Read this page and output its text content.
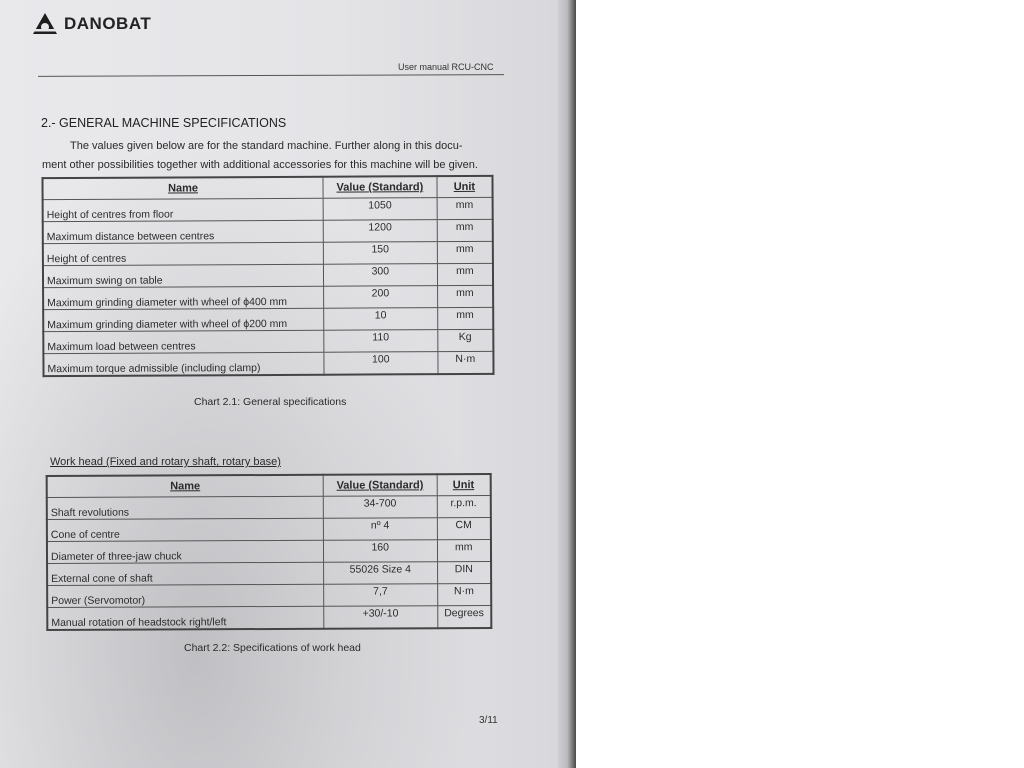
DANOBAT
User manual RCU-CNC
2.- GENERAL MACHINE SPECIFICATIONS
The values given below are for the standard machine. Further along in this docu-
ment other possibilities together with additional accessories for this machine will be given.
Name	Value (Standard)	Unit
Height of centres from floor	1050	mm
Maximum distance between centres	1200	mm
Height of centres	150	mm
Maximum swing on table	300	mm
Maximum grinding diameter with wheel of ϕ400 mm	200	mm
Maximum grinding diameter with wheel of ϕ200 mm	10	mm
Maximum load between centres	110	Kg
Maximum torque admissible (including clamp)	100	N·m
Chart 2.1: General specifications
Work head (Fixed and rotary shaft, rotary base)
Name	Value (Standard)	Unit
Shaft revolutions	34-700	r.p.m.
Cone of centre	nº 4	CM
Diameter of three-jaw chuck	160	mm
External cone of shaft	55026 Size 4	DIN
Power (Servomotor)	7,7	N·m
Manual rotation of headstock right/left	+30/-10	Degrees
Chart 2.2: Specifications of work head
3/11
